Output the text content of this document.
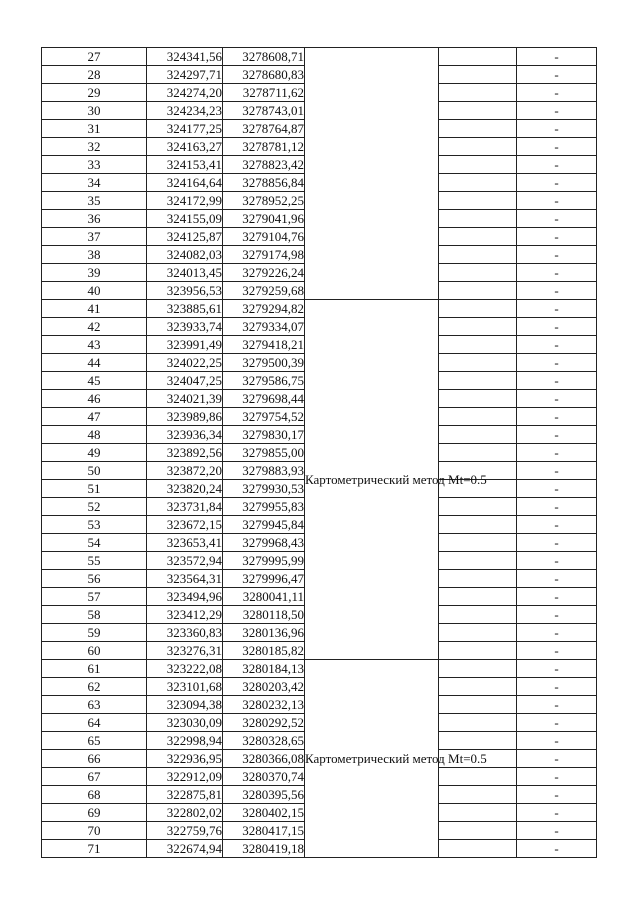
27	324341,56	3278608,71			-
28	324297,71	3278680,83			-
29	324274,20	3278711,62			-
30	324234,23	3278743,01			-
31	324177,25	3278764,87			-
32	324163,27	3278781,12			-
33	324153,41	3278823,42			-
34	324164,64	3278856,84			-
35	324172,99	3278952,25			-
36	324155,09	3279041,96			-
37	324125,87	3279104,76			-
38	324082,03	3279174,98			-
39	324013,45	3279226,24			-
40	323956,53	3279259,68			-
41	323885,61	3279294,82	Картометрический метод Mt=0.5		-
42	323933,74	3279334,07			-
43	323991,49	3279418,21			-
44	324022,25	3279500,39			-
45	324047,25	3279586,75			-
46	324021,39	3279698,44			-
47	323989,86	3279754,52			-
48	323936,34	3279830,17			-
49	323892,56	3279855,00			-
50	323872,20	3279883,93			-
51	323820,24	3279930,53			-
52	323731,84	3279955,83			-
53	323672,15	3279945,84			-
54	323653,41	3279968,43			-
55	323572,94	3279995,99			-
56	323564,31	3279996,47			-
57	323494,96	3280041,11			-
58	323412,29	3280118,50			-
59	323360,83	3280136,96			-
60	323276,31	3280185,82			-
61	323222,08	3280184,13	Картометрический метод Mt=0.5		-
62	323101,68	3280203,42			-
63	323094,38	3280232,13			-
64	323030,09	3280292,52			-
65	322998,94	3280328,65			-
66	322936,95	3280366,08			-
67	322912,09	3280370,74			-
68	322875,81	3280395,56			-
69	322802,02	3280402,15			-
70	322759,76	3280417,15			-
71	322674,94	3280419,18			-
